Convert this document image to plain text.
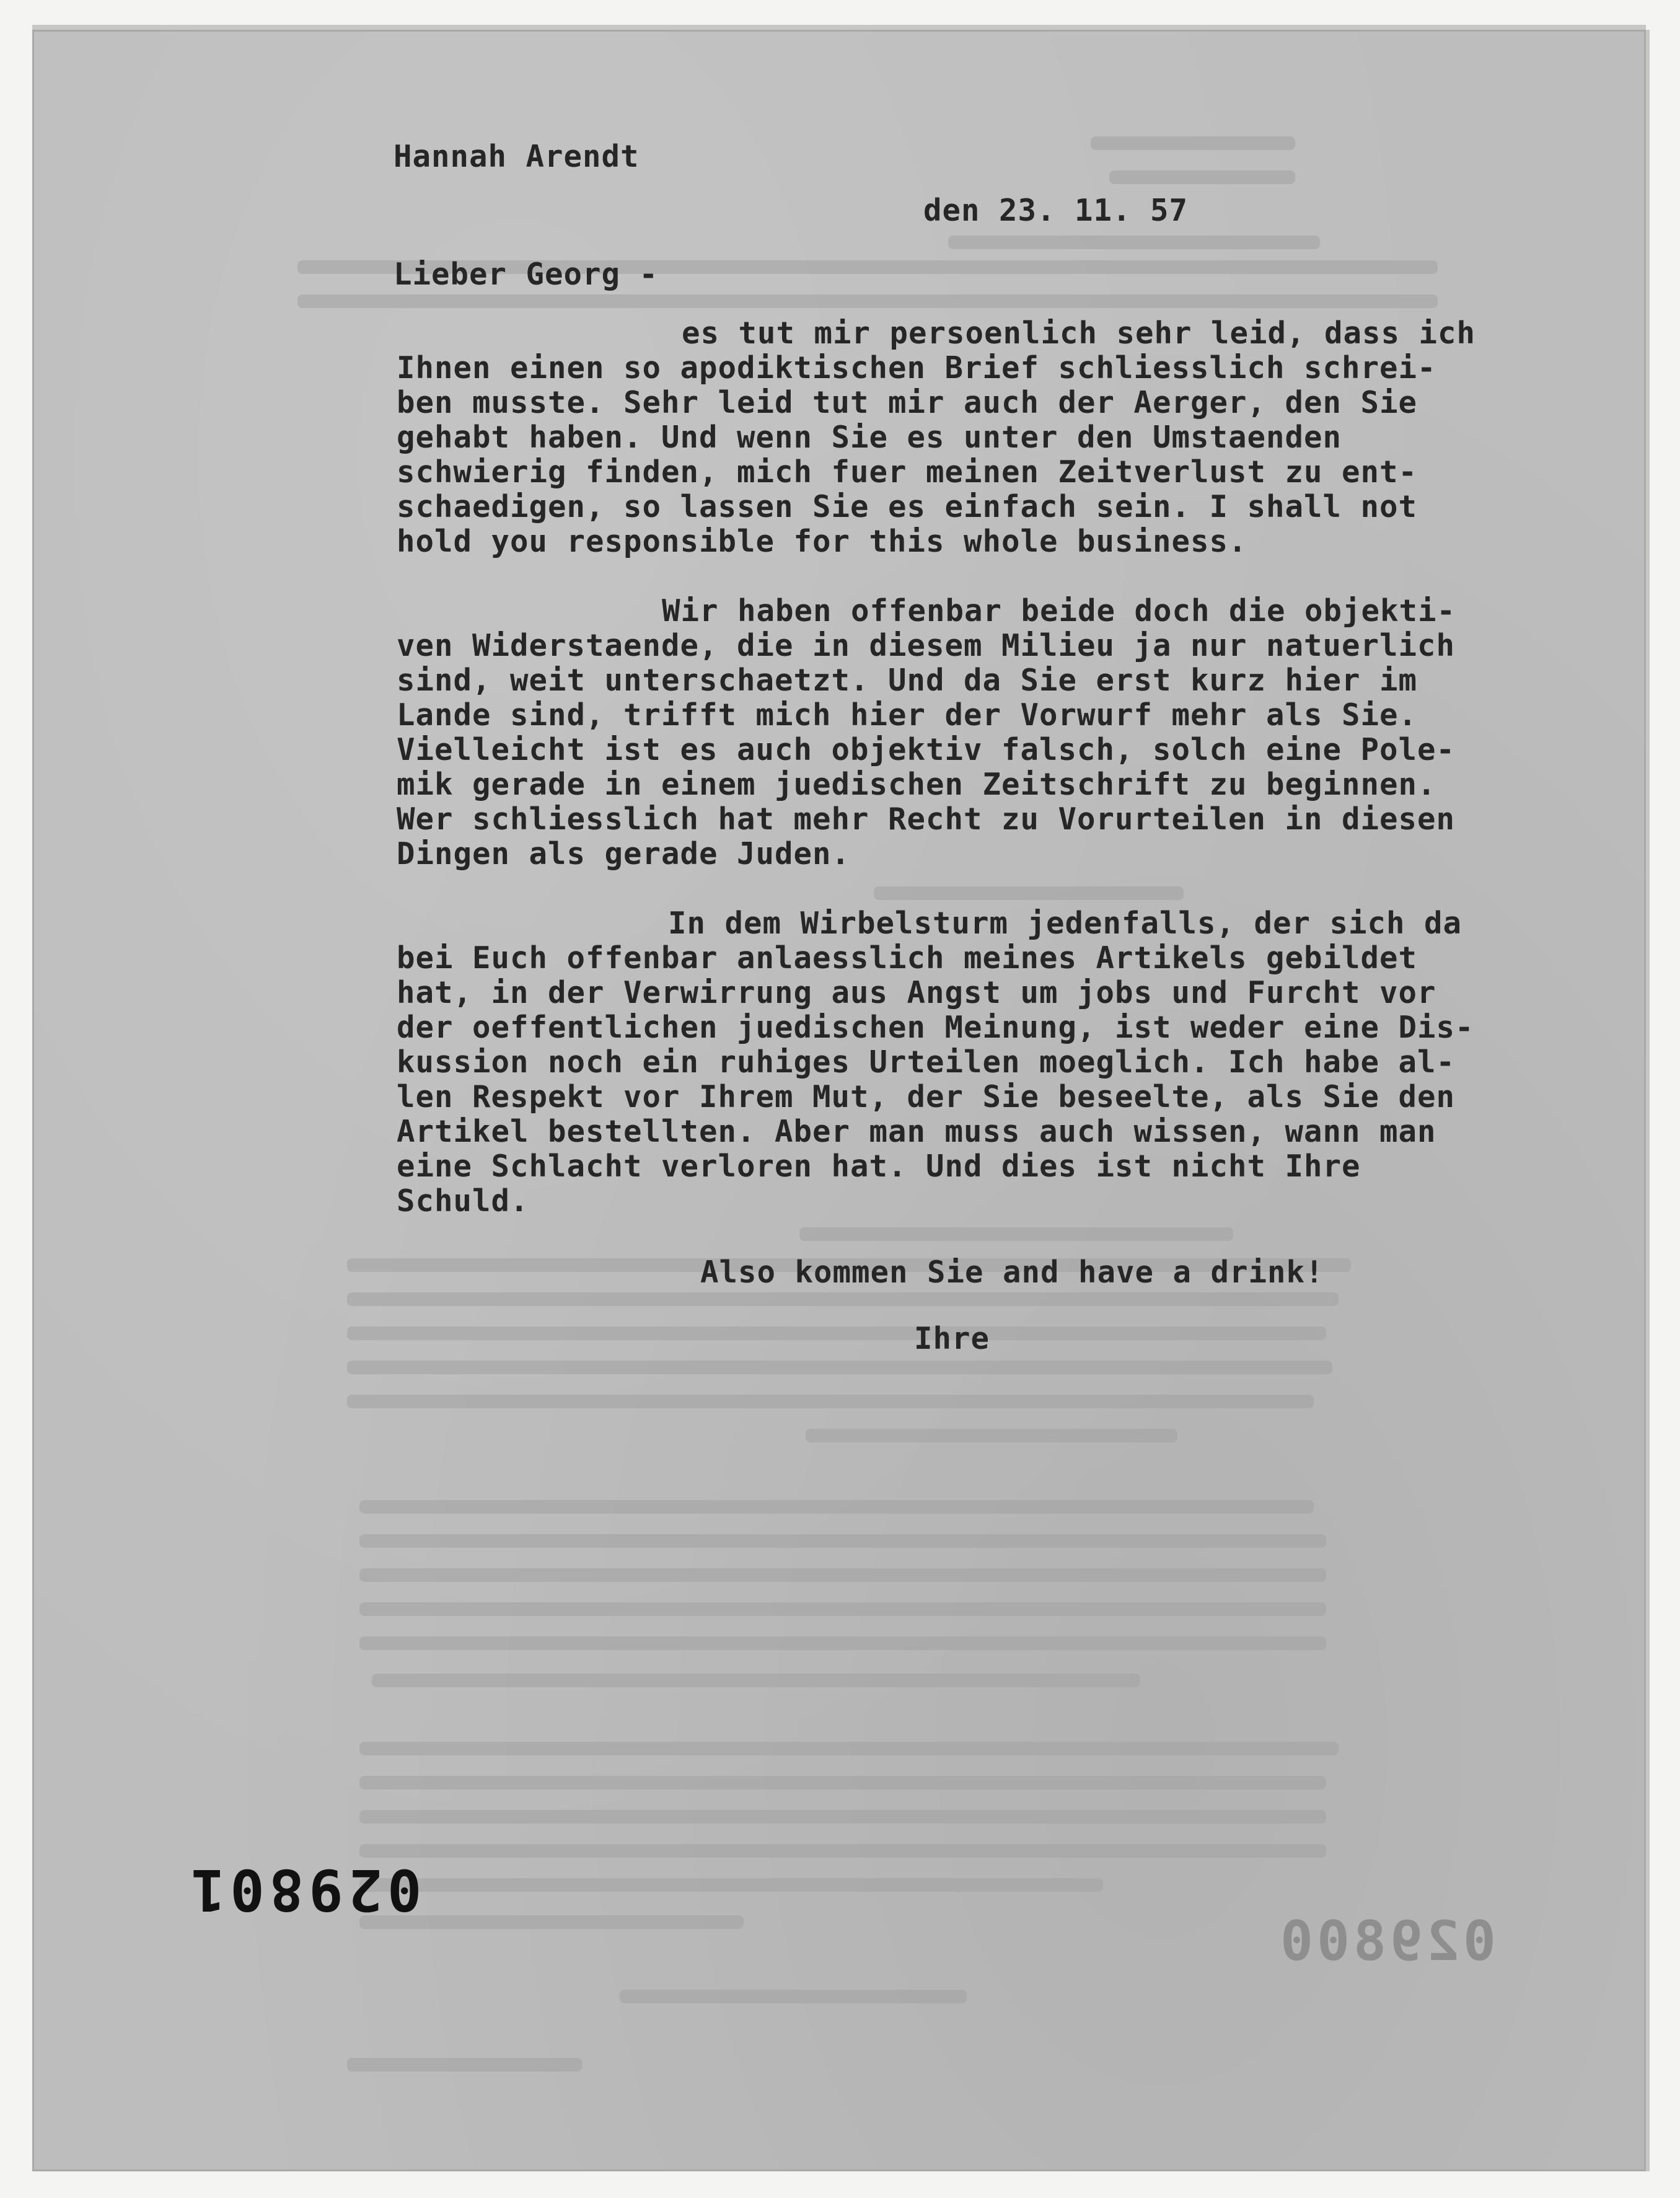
Hannah Arendt
den 23. 11. 57
Lieber Georg -
es tut mir persoenlich sehr leid, dass ich
Ihnen einen so apodiktischen Brief schliesslich schrei-
ben musste. Sehr leid tut mir auch der Aerger, den Sie
gehabt haben. Und wenn Sie es unter den Umstaenden
schwierig finden, mich fuer meinen Zeitverlust zu ent-
schaedigen, so lassen Sie es einfach sein. I shall not
hold you responsible for this whole business.
Wir haben offenbar beide doch die objekti-
ven Widerstaende, die in diesem Milieu ja nur natuerlich
sind, weit unterschaetzt. Und da Sie erst kurz hier im
Lande sind, trifft mich hier der Vorwurf mehr als Sie.
Vielleicht ist es auch objektiv falsch, solch eine Pole-
mik gerade in einem juedischen Zeitschrift zu beginnen.
Wer schliesslich hat mehr Recht zu Vorurteilen in diesen
Dingen als gerade Juden.
In dem Wirbelsturm jedenfalls, der sich da
bei Euch offenbar anlaesslich meines Artikels gebildet
hat, in der Verwirrung aus Angst um jobs und Furcht vor
der oeffentlichen juedischen Meinung, ist weder eine Dis-
kussion noch ein ruhiges Urteilen moeglich. Ich habe al-
len Respekt vor Ihrem Mut, der Sie beseelte, als Sie den
Artikel bestellten. Aber man muss auch wissen, wann man
eine Schlacht verloren hat. Und dies ist nicht Ihre
Schuld.
Also kommen Sie and have a drink!
Ihre
029801
029800
